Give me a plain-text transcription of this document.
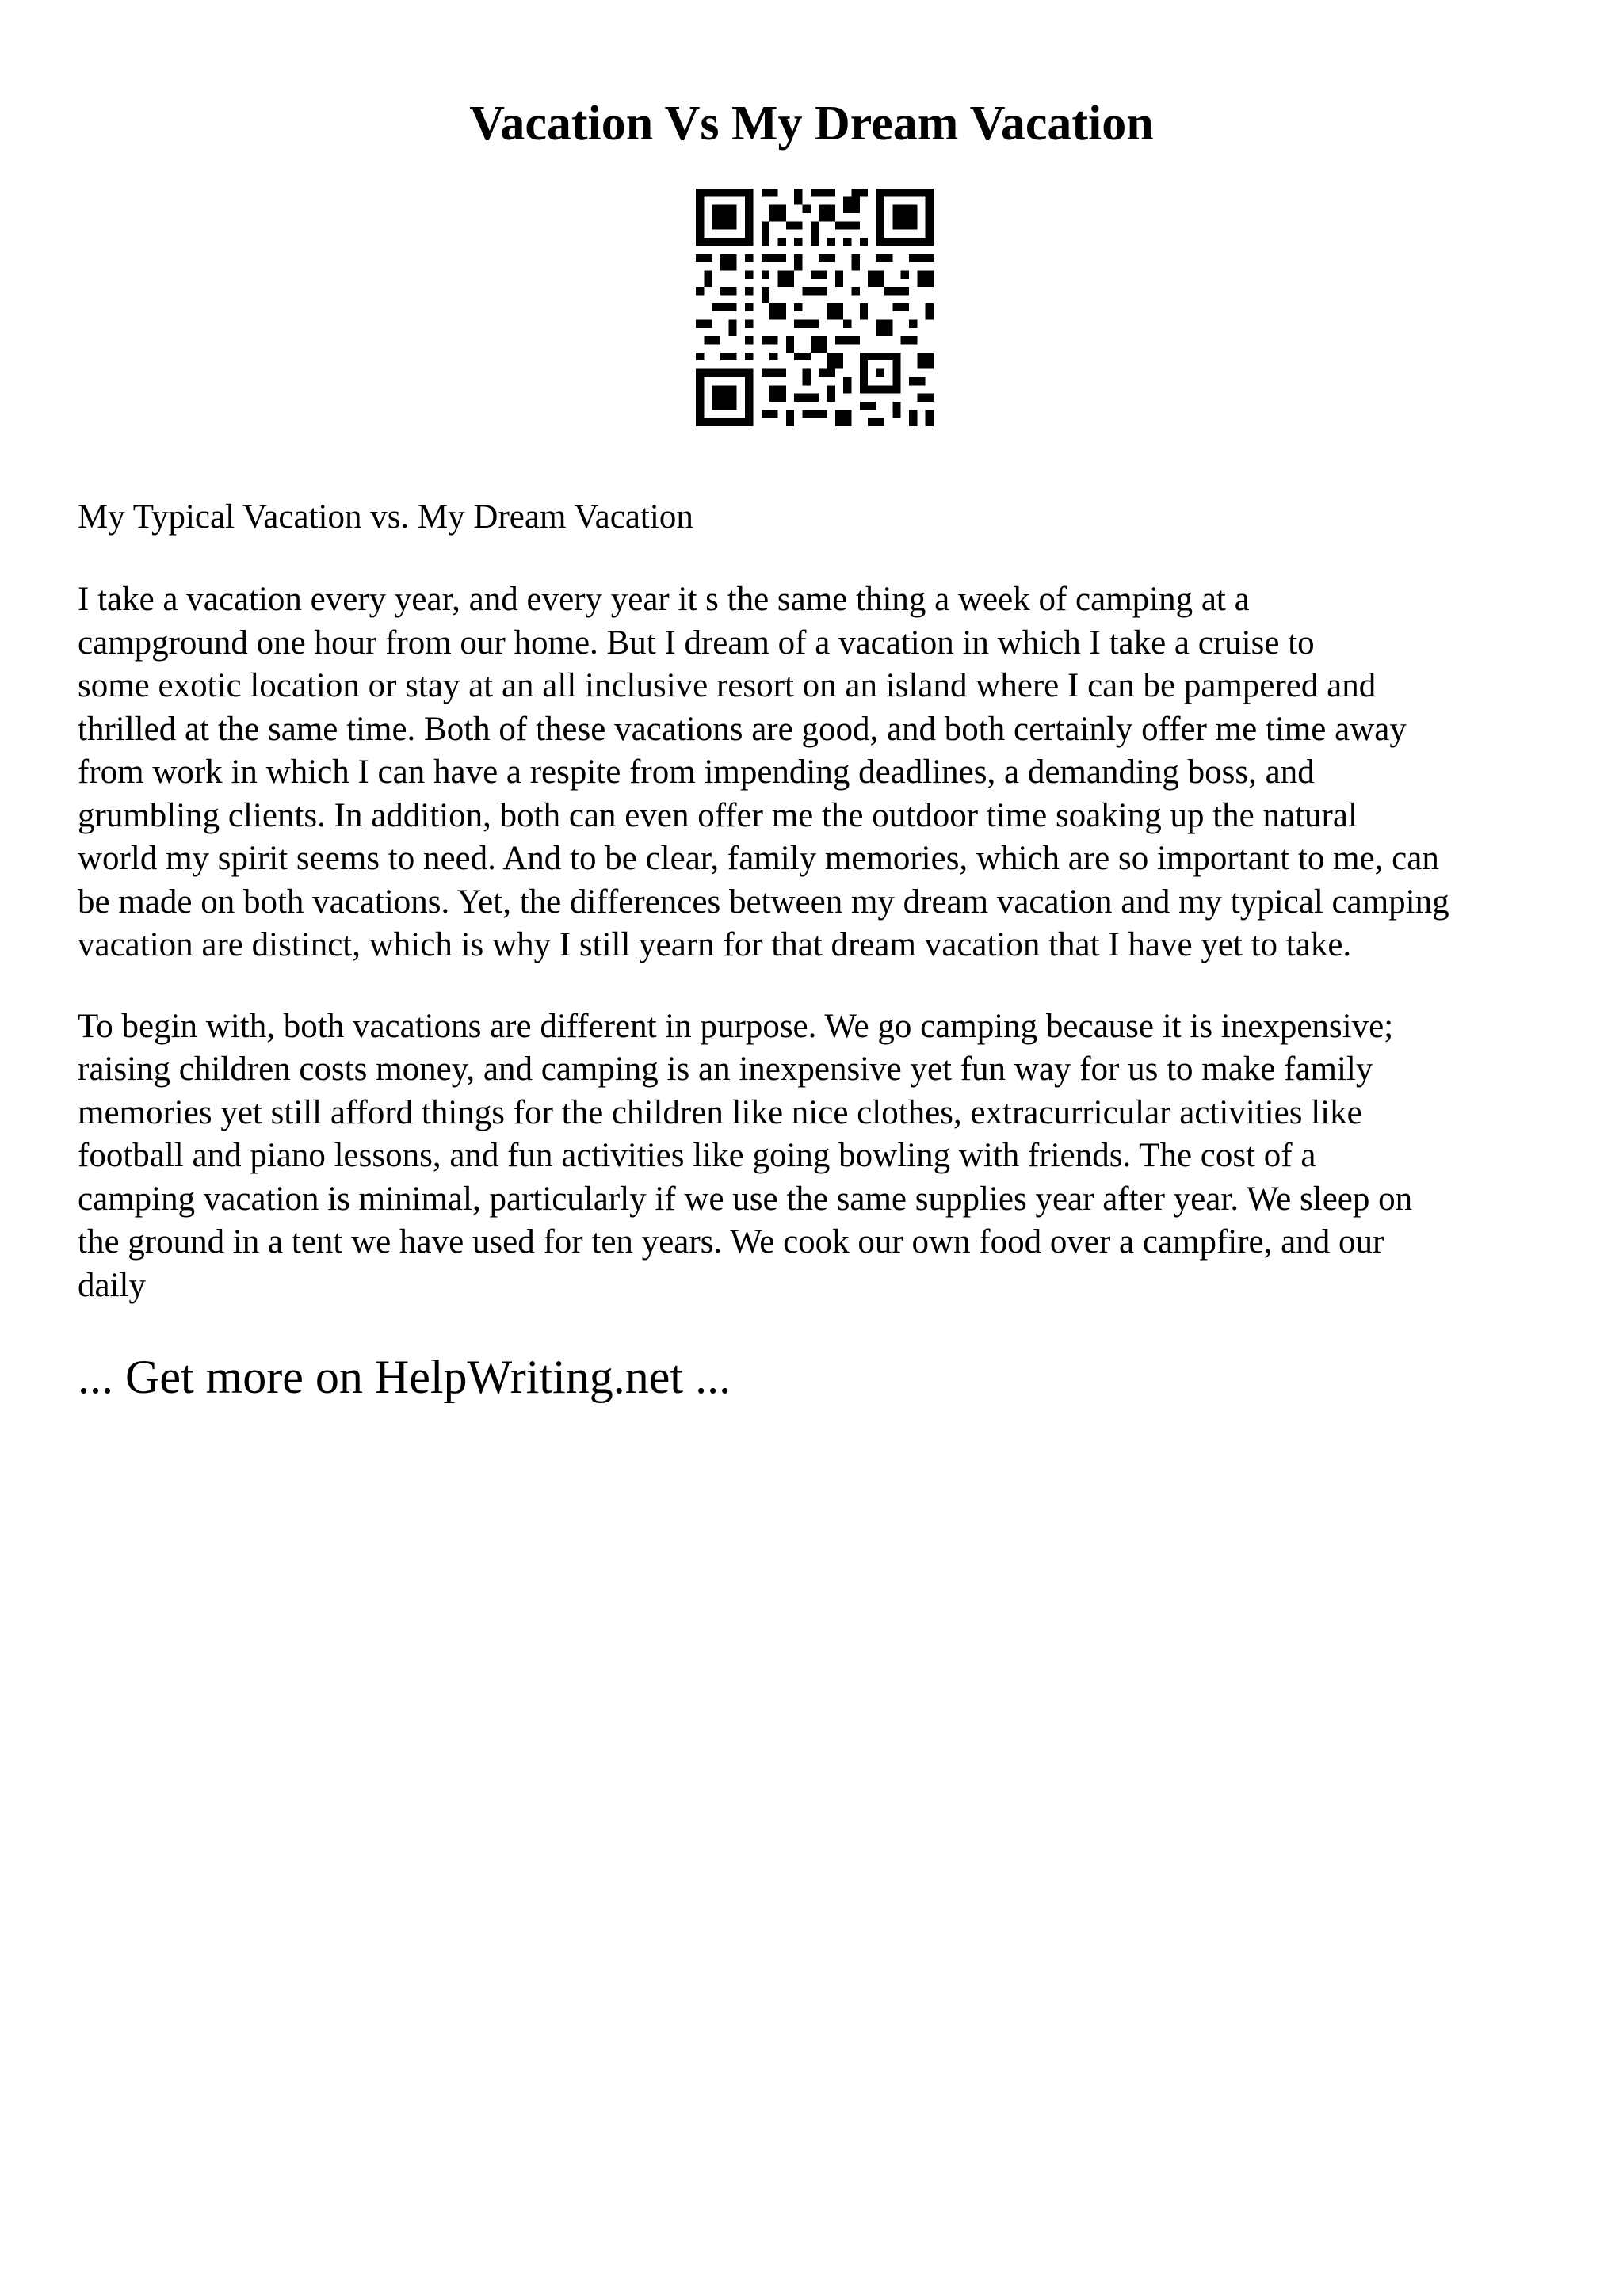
Vacation Vs My Dream Vacation

My Typical Vacation vs. My Dream Vacation

I take a vacation every year, and every year it s the same thing a week of camping at a
campground one hour from our home. But I dream of a vacation in which I take a cruise to
some exotic location or stay at an all inclusive resort on an island where I can be pampered and
thrilled at the same time. Both of these vacations are good, and both certainly offer me time away
from work in which I can have a respite from impending deadlines, a demanding boss, and
grumbling clients. In addition, both can even offer me the outdoor time soaking up the natural
world my spirit seems to need. And to be clear, family memories, which are so important to me, can
be made on both vacations. Yet, the differences between my dream vacation and my typical camping
vacation are distinct, which is why I still yearn for that dream vacation that I have yet to take.

To begin with, both vacations are different in purpose. We go camping because it is inexpensive;
raising children costs money, and camping is an inexpensive yet fun way for us to make family
memories yet still afford things for the children like nice clothes, extracurricular activities like
football and piano lessons, and fun activities like going bowling with friends. The cost of a
camping vacation is minimal, particularly if we use the same supplies year after year. We sleep on
the ground in a tent we have used for ten years. We cook our own food over a campfire, and our
daily

... Get more on HelpWriting.net ...
